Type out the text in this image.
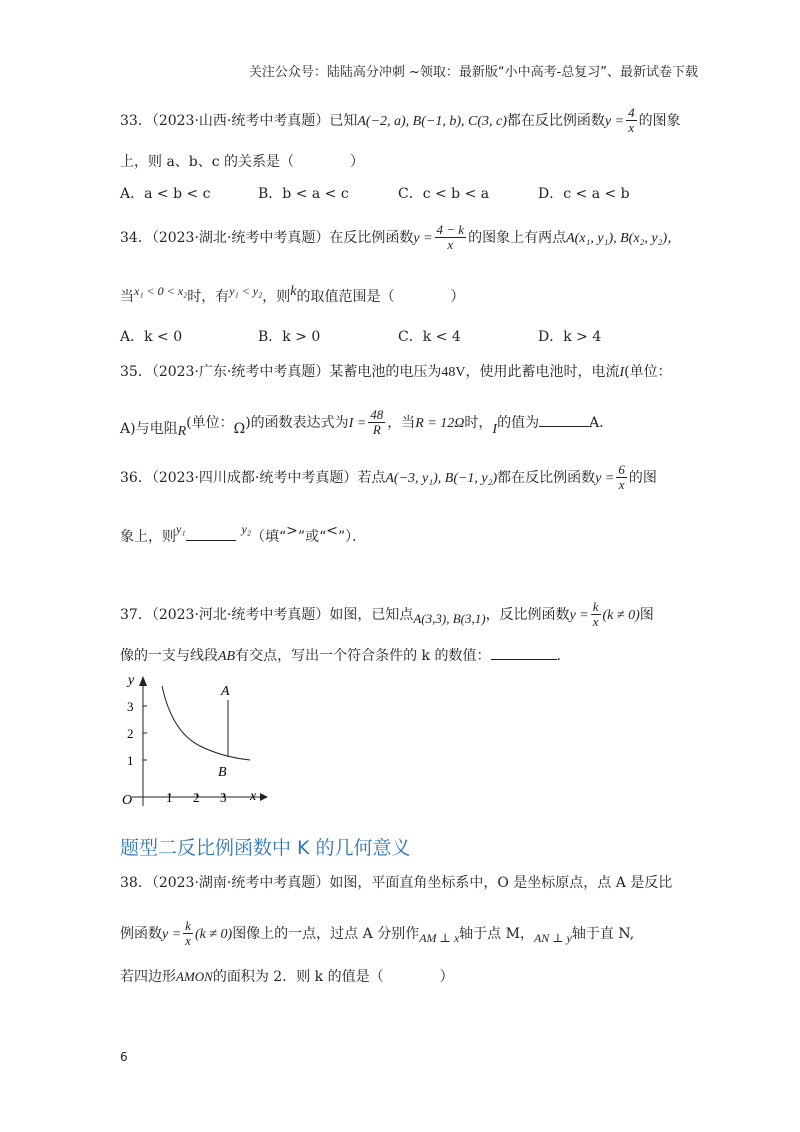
关注公众号：陆陆高分冲刺 ~领取：最新版“小中高考-总复习”、最新试卷下载
33．（2023·山西·统考中考真题）已知A(−2, a), B(−1, b), C(3, c)都在反比例函数$y = \frac{4}{x}$ 的图象
上，则 a、b、c 的关系是（　　　　）
A．a < b < c	B．b < a < c	C．c < b < a	D．c < a < b
34．（2023·湖北·统考中考真题）在反比例函数$y = \frac{4 - k}{x}$ 的图象上有两点A(x₁, y₁), B(x₂, y₂)，
当x₁ < 0 < x₂时，有y₁ < y₂，则k的取值范围是（　　　　）
A．k < 0	B．k > 0	C．k < 4	D．k > 4
35．（2023·广东·统考中考真题）某蓄电池的电压为48V，使用此蓄电池时，电流I(单位：
A)与电阻R(单位：Ω)的函数表达式为$I = \frac{48}{R}$ ，当R = 12Ω时，I的值为	A．
36．（2023·四川成都·统考中考真题）若点A(−3, y₁), B(−1, y₂)都在反比例函数$y = \frac{6}{x}$ 的图
象上，则y₁	y₂（填“>”或“<”）．
37．（2023·河北·统考中考真题）如图，已知点A(3,3), B(3,1)，反比例函数$y = \frac{k}{x} (k \ne 0)$图
像的一支与线段AB有交点，写出一个符合条件的 k 的数值：	．
y
x
O	1 2 3
1
2
3
A
B
题型二反比例函数中 K 的几何意义
38．（2023·湖南·统考中考真题）如图，平面直角坐标系中，O 是坐标原点，点 A 是反比
例函数$y = \frac{k}{x} (k \ne 0)$图像上的一点，过点 A 分别作AM ⊥ x轴于点 M，AN ⊥ y轴于直 N,
若四边形AMON的面积为 2．则 k 的值是（　　　　）
6
